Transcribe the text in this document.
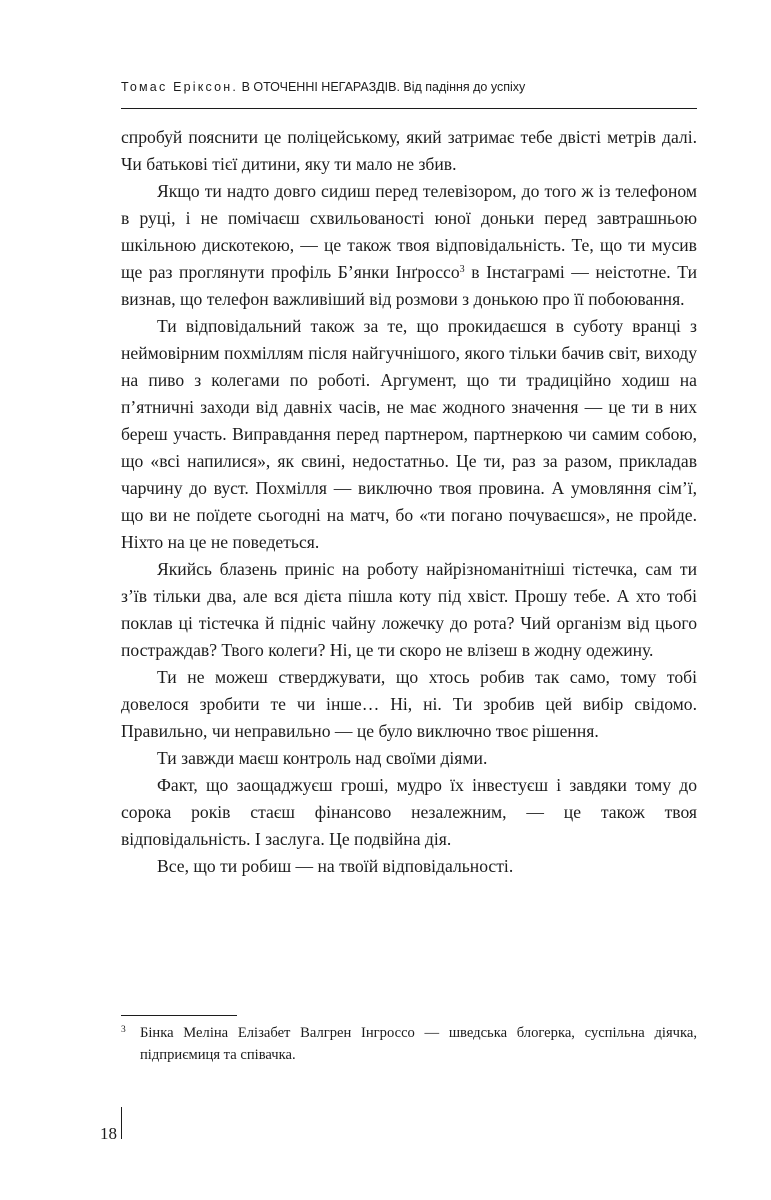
Томас Еріксон. В ОТОЧЕННІ НЕГАРАЗДІВ. Від падіння до успіху

спробуй пояснити це поліцейському, який затримає тебе двісті метрів далі. Чи батькові тієї дитини, яку ти мало не збив.

Якщо ти надто довго сидиш перед телевізором, до того ж із телефоном в руці, і не помічаєш схвильованості юної доньки перед завтрашньою шкільною дискотекою, — це також твоя відповідальність. Те, що ти мусив ще раз проглянути профіль Б’янки Інґроссо$^3$ в Інстаграмі — неістотне. Ти визнав, що телефон важливіший від розмови з донькою про її побоювання.

Ти відповідальний також за те, що прокидаєшся в суботу вранці з неймовірним похміллям після найгучнішого, якого тільки бачив світ, виходу на пиво з колегами по роботі. Аргумент, що ти традиційно ходиш на п’ятничні заходи від давніх часів, не має жодного значення — це ти в них береш участь. Виправдання перед партнером, партнеркою чи самим собою, що «всі напилися», як свині, недостатньо. Це ти, раз за разом, прикладав чарчину до вуст. Похмілля — виключно твоя провина. А умовляння сім’ї, що ви не поїдете сьогодні на матч, бо «ти погано почуваєшся», не пройде. Ніхто на це не поведеться.

Якийсь блазень приніс на роботу найрізноманітніші тістечка, сам ти з’їв тільки два, але вся дієта пішла коту під хвіст. Прошу тебе. А хто тобі поклав ці тістечка й підніс чайну ложечку до рота? Чий організм від цього постраждав? Твого колеги? Ні, це ти скоро не влізеш в жодну одежину.

Ти не можеш стверджувати, що хтось робив так само, тому тобі довелося зробити те чи інше… Ні, ні. Ти зробив цей вибір свідомо. Правильно, чи неправильно — це було виключно твоє рішення.

Ти завжди маєш контроль над своїми діями.

Факт, що заощаджуєш гроші, мудро їх інвестуєш і завдяки тому до сорока років стаєш фінансово незалежним, — це також твоя відповідальність. І заслуга. Це подвійна дія.

Все, що ти робиш — на твоїй відповідальності.

3 Бінка Меліна Елізабет Валгрен Інгроссо — шведська блогерка, суспільна діячка, підприємиця та співачка.
18
